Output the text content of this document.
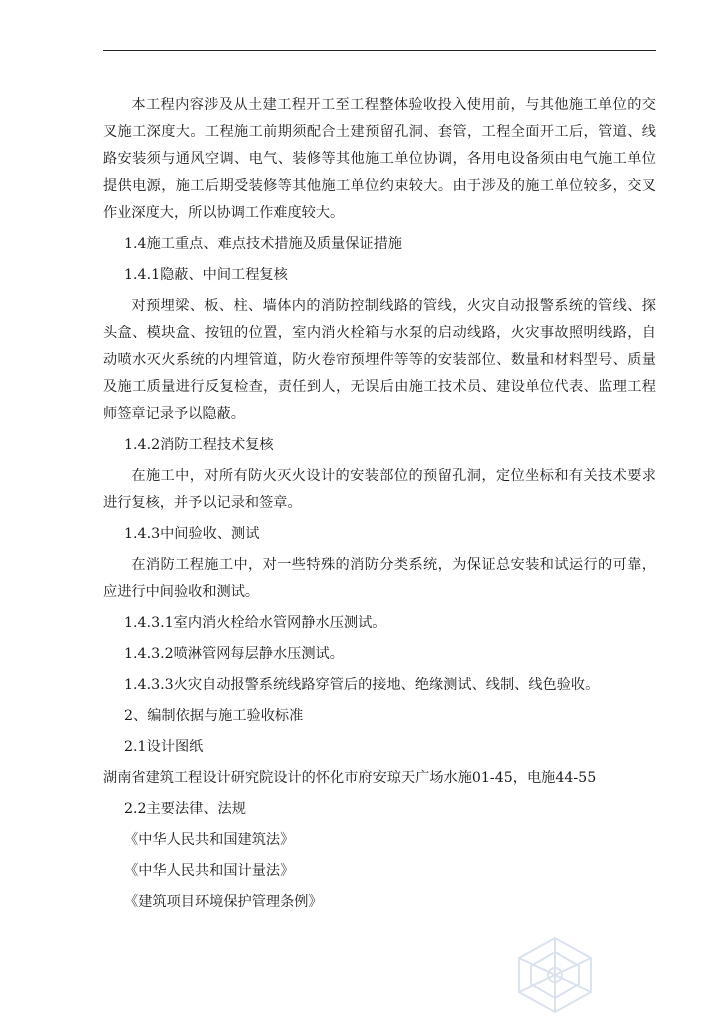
本工程内容涉及从土建工程开工至工程整体验收投入使用前，与其他施工单位的交叉施工深度大。工程施工前期须配合土建预留孔洞、套管，工程全面开工后，管道、线路安装须与通风空调、电气、装修等其他施工单位协调，各用电设备须由电气施工单位提供电源，施工后期受装修等其他施工单位约束较大。由于涉及的施工单位较多，交叉作业深度大，所以协调工作难度较大。

1.4施工重点、难点技术措施及质量保证措施

1.4.1隐蔽、中间工程复核

对预埋梁、板、柱、墙体内的消防控制线路的管线，火灾自动报警系统的管线、探头盒、模块盒、按钮的位置，室内消火栓箱与水泵的启动线路，火灾事故照明线路，自动喷水灭火系统的内埋管道，防火卷帘预埋件等等的安装部位、数量和材料型号、质量及施工质量进行反复检查，责任到人，无误后由施工技术员、建设单位代表、监理工程师签章记录予以隐蔽。

1.4.2消防工程技术复核

在施工中，对所有防火灭火设计的安装部位的预留孔洞，定位坐标和有关技术要求进行复核，并予以记录和签章。

1.4.3中间验收、测试

在消防工程施工中，对一些特殊的消防分类系统，为保证总安装和试运行的可靠，应进行中间验收和测试。

1.4.3.1室内消火栓给水管网静水压测试。

1.4.3.2喷淋管网每层静水压测试。

1.4.3.3火灾自动报警系统线路穿管后的接地、绝缘测试、线制、线色验收。

2、编制依据与施工验收标准

2.1设计图纸

湖南省建筑工程设计研究院设计的怀化市府安琼天广场水施01-45，电施44-55

2.2主要法律、法规

《中华人民共和国建筑法》

《中华人民共和国计量法》

《建筑项目环境保护管理条例》
